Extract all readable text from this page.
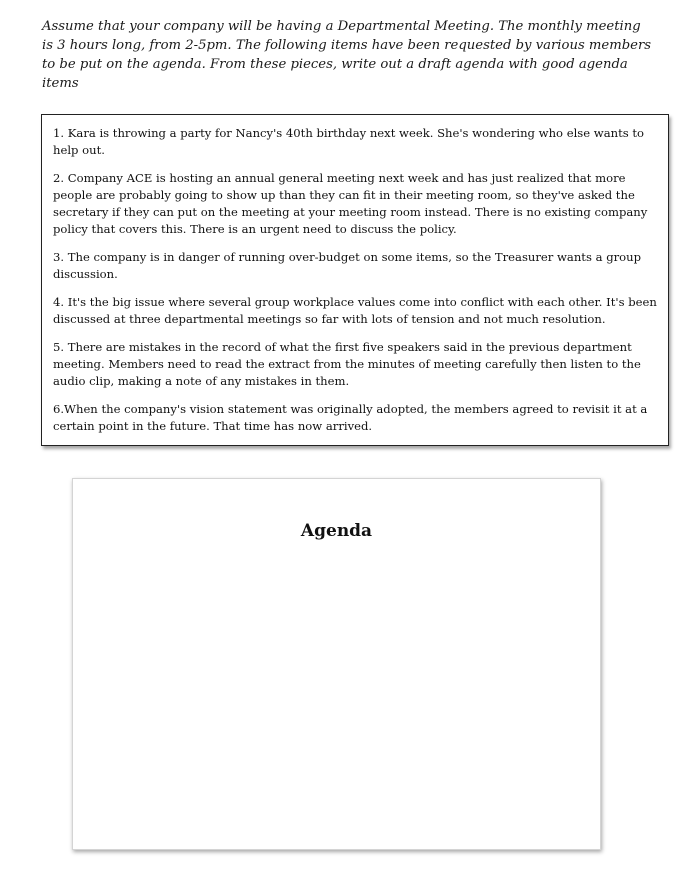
Assume that your company will be having a Departmental Meeting. The monthly meeting is 3 hours long, from 2-5pm. The following items have been requested by various members to be put on the agenda. From these pieces, write out a draft agenda with good agenda items

1. Kara is throwing a party for Nancy's 40th birthday next week. She's wondering who else wants to help out.

2. Company ACE is hosting an annual general meeting next week and has just realized that more people are probably going to show up than they can fit in their meeting room, so they've asked the secretary if they can put on the meeting at your meeting room instead. There is no existing company policy that covers this. There is an urgent need to discuss the policy.

3. The company is in danger of running over-budget on some items, so the Treasurer wants a group discussion.

4. It's the big issue where several group workplace values come into conflict with each other. It's been discussed at three departmental meetings so far with lots of tension and not much resolution.

5. There are mistakes in the record of what the first five speakers said in the previous department meeting. Members need to read the extract from the minutes of meeting carefully then listen to the audio clip, making a note of any mistakes in them.

6.When the company's vision statement was originally adopted, the members agreed to revisit it at a certain point in the future. That time has now arrived.

Agenda
